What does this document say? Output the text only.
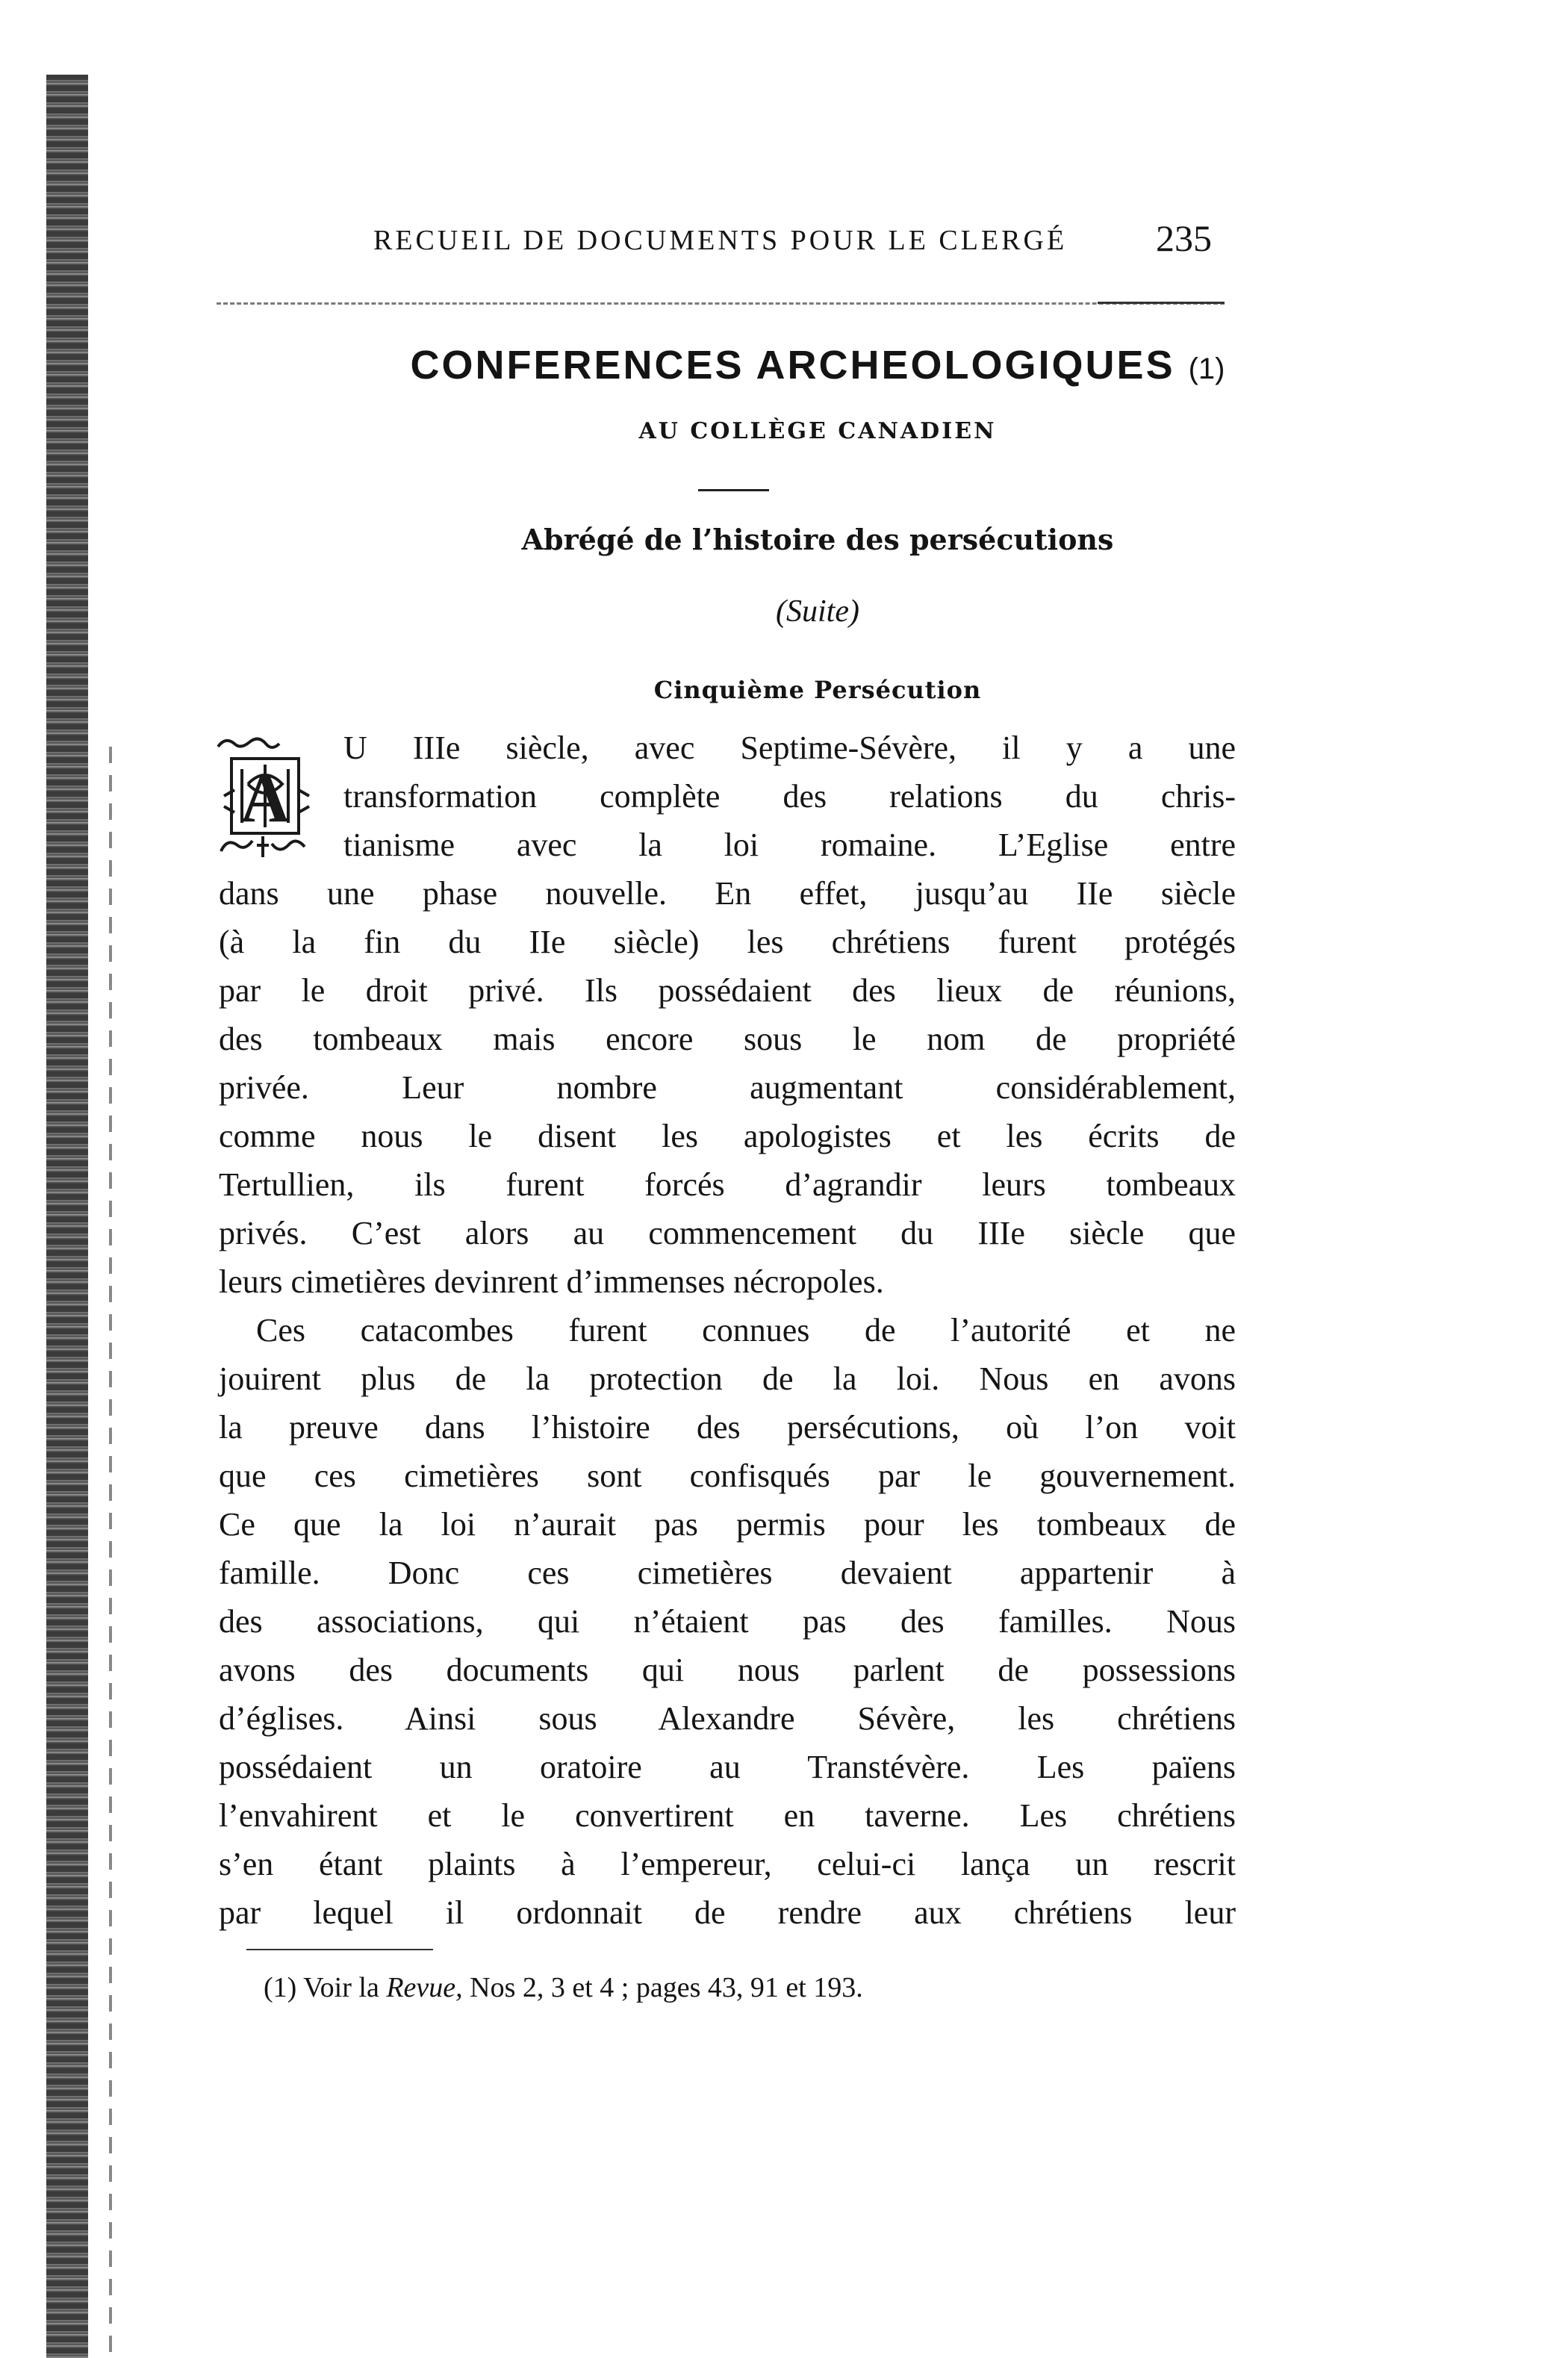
RECUEIL DE DOCUMENTS POUR LE CLERGÉ 235
CONFERENCES ARCHEOLOGIQUES (1)
AU COLLÈGE CANADIEN
Abrégé de l’histoire des persécutions
(Suite)
Cinquième Persécution
A
U IIIe siècle, avec Septime-Sévère, il y a une
transformation complète des relations du chris-
tianisme avec la loi romaine. L’Eglise entre
dans une phase nouvelle. En effet, jusqu’au IIe siècle
(à la fin du IIe siècle) les chrétiens furent protégés
par le droit privé. Ils possédaient des lieux de réunions,
des tombeaux mais encore sous le nom de propriété
privée. Leur nombre augmentant considérablement,
comme nous le disent les apologistes et les écrits de
Tertullien, ils furent forcés d’agrandir leurs tombeaux
privés. C’est alors au commencement du IIIe siècle que
leurs cimetières devinrent d’immenses nécropoles.
Ces catacombes furent connues de l’autorité et ne
jouirent plus de la protection de la loi. Nous en avons
la preuve dans l’histoire des persécutions, où l’on voit
que ces cimetières sont confisqués par le gouvernement.
Ce que la loi n’aurait pas permis pour les tombeaux de
famille. Donc ces cimetières devaient appartenir à
des associations, qui n’étaient pas des familles. Nous
avons des documents qui nous parlent de possessions
d’églises. Ainsi sous Alexandre Sévère, les chrétiens
possédaient un oratoire au Transtévère. Les païens
l’envahirent et le convertirent en taverne. Les chrétiens
s’en étant plaints à l’empereur, celui-ci lança un rescrit
par lequel il ordonnait de rendre aux chrétiens leur
(1) Voir la Revue, Nos 2, 3 et 4 ; pages 43, 91 et 193.
